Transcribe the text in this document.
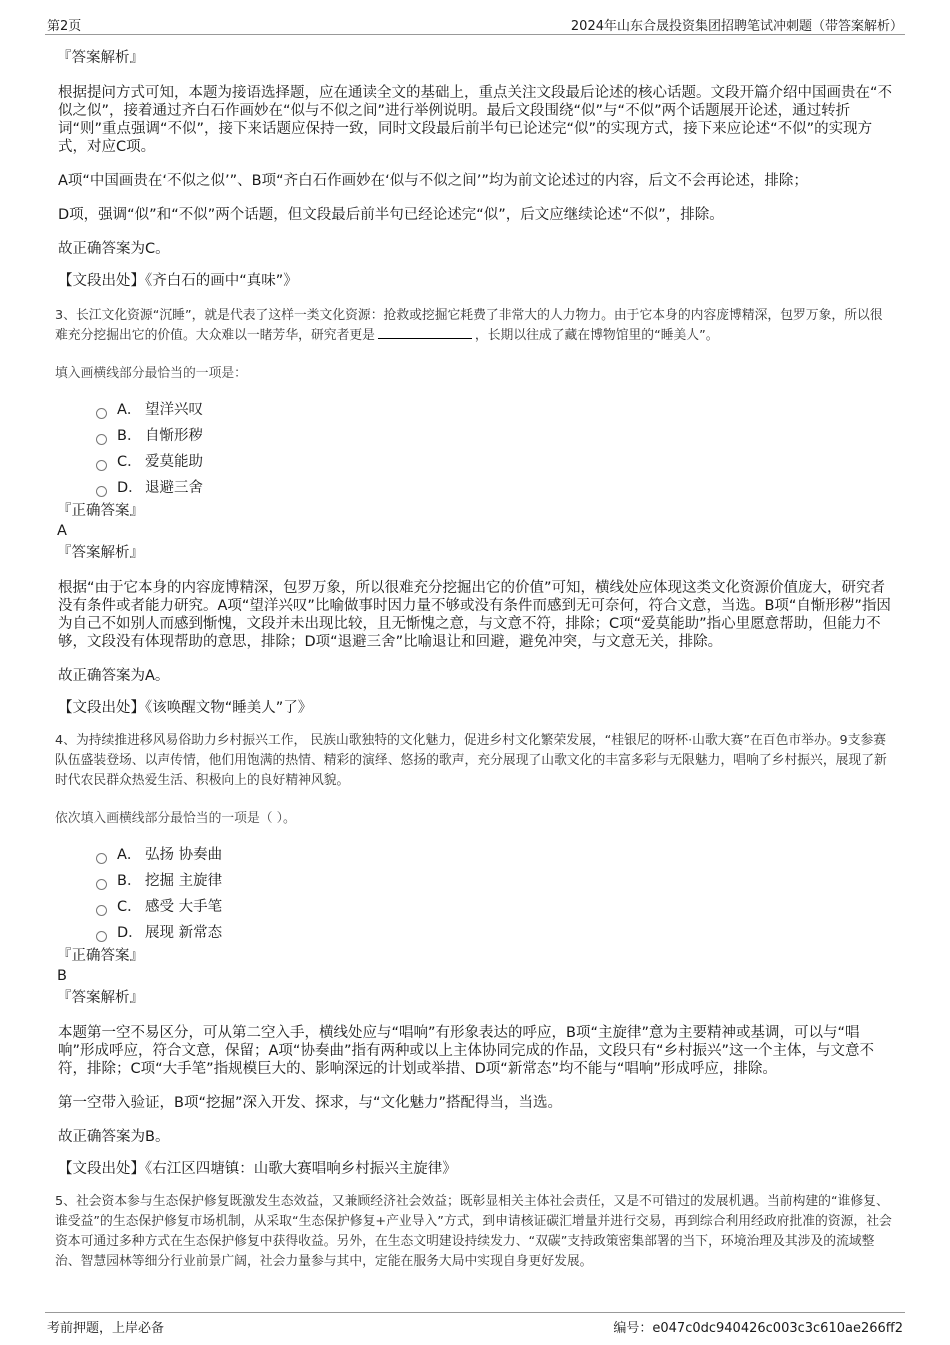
第2页	2024年山东合晟投资集团招聘笔试冲刺题（带答案解析）
『答案解析』

根据提问方式可知，本题为接语选择题，应在通读全文的基础上，重点关注文段最后论述的核心话题。文段开篇介绍中国画贵在“不似之似”，接着通过齐白石作画妙在“似与不似之间”进行举例说明。最后文段围绕“似”与“不似”两个话题展开论述，通过转折词“则”重点强调“不似”，接下来话题应保持一致，同时文段最后前半句已论述完“似”的实现方式，接下来应论述“不似”的实现方式，对应C项。

A项“中国画贵在‘不似之似’”、B项“齐白石作画妙在‘似与不似之间’”均为前文论述过的内容，后文不会再论述，排除；

D项，强调“似”和“不似”两个话题，但文段最后前半句已经论述完“似”，后文应继续论述“不似”，排除。

故正确答案为C。

【文段出处】《齐白石的画中“真味”》

3、长江文化资源“沉睡”，就是代表了这样一类文化资源：抢救或挖掘它耗费了非常大的人力物力。由于它本身的内容庞博精深，包罗万象，所以很难充分挖掘出它的价值。大众难以一睹芳华，研究者更是	，长期以往成了藏在博物馆里的“睡美人”。

填入画横线部分最恰当的一项是：

A． 望洋兴叹
B． 自惭形秽
C． 爱莫能助
D． 退避三舍
『正确答案』
A
『答案解析』

根据“由于它本身的内容庞博精深，包罗万象，所以很难充分挖掘出它的价值”可知，横线处应体现这类文化资源价值庞大，研究者没有条件或者能力研究。A项“望洋兴叹”比喻做事时因力量不够或没有条件而感到无可奈何，符合文意，当选。B项“自惭形秽”指因为自己不如别人而感到惭愧，文段并未出现比较，且无惭愧之意，与文意不符，排除；C项“爱莫能助”指心里愿意帮助，但能力不够，文段没有体现帮助的意思，排除；D项“退避三舍”比喻退让和回避，避免冲突，与文意无关，排除。

故正确答案为A。

【文段出处】《该唤醒文物“睡美人”了》

4、为持续推进移风易俗助力乡村振兴工作， 民族山歌独特的文化魅力，促进乡村文化繁荣发展，“桂银尼的呀杯·山歌大赛”在百色市举办。9支参赛队伍盛装登场、以声传情，他们用饱满的热情、精彩的演绎、悠扬的歌声，充分展现了山歌文化的丰富多彩与无限魅力，唱响了乡村振兴，展现了新时代农民群众热爱生活、积极向上的良好精神风貌。

依次填入画横线部分最恰当的一项是（ ）。

A． 弘扬 协奏曲
B． 挖掘 主旋律
C． 感受 大手笔
D． 展现 新常态
『正确答案』
B
『答案解析』

本题第一空不易区分，可从第二空入手，横线处应与“唱响”有形象表达的呼应，B项“主旋律”意为主要精神或基调，可以与“唱响”形成呼应，符合文意，保留；A项“协奏曲”指有两种或以上主体协同完成的作品，文段只有“乡村振兴”这一个主体，与文意不符，排除；C项“大手笔”指规模巨大的、影响深远的计划或举措、D项“新常态”均不能与“唱响”形成呼应，排除。

第一空带入验证，B项“挖掘”深入开发、探求，与“文化魅力”搭配得当，当选。

故正确答案为B。

【文段出处】《右江区四塘镇：山歌大赛唱响乡村振兴主旋律》

5、社会资本参与生态保护修复既激发生态效益，又兼顾经济社会效益；既彰显相关主体社会责任，又是不可错过的发展机遇。当前构建的“谁修复、谁受益”的生态保护修复市场机制，从采取“生态保护修复+产业导入”方式，到申请核证碳汇增量并进行交易，再到综合利用经政府批准的资源，社会资本可通过多种方式在生态保护修复中获得收益。另外，在生态文明建设持续发力、“双碳”支持政策密集部署的当下，环境治理及其涉及的流域整治、智慧园林等细分行业前景广阔，社会力量参与其中，定能在服务大局中实现自身更好发展。

考前押题，上岸必备	编号：e047c0dc940426c003c3c610ae266ff2
